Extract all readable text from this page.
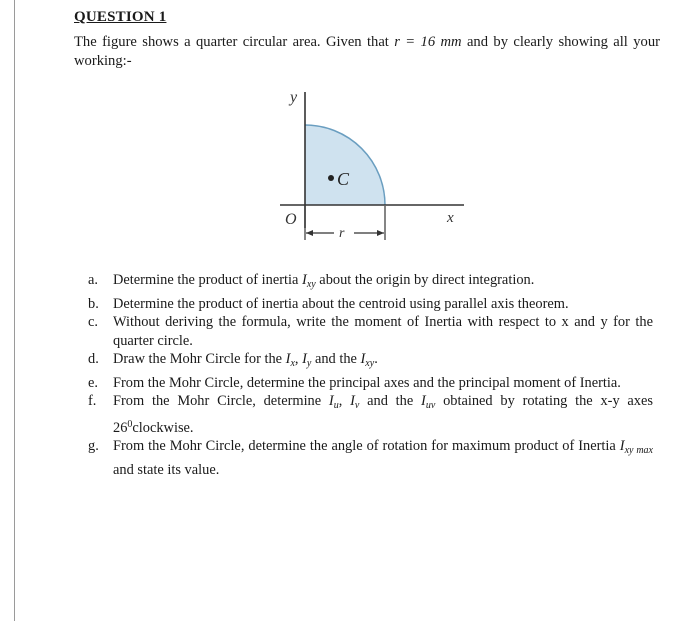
QUESTION 1
The figure shows a quarter circular area. Given that r = 16 mm and by clearly showing all your working:-
y
x
O
C
r
a.	Determine the product of inertia $I_{xy}$ about the origin by direct integration.
b. Determine the product of inertia about the centroid using parallel axis theorem.
c.	Without deriving the formula, write the moment of Inertia with respect to x and y for the quarter circle.
d. Draw the Mohr Circle for the $I_x$, $I_y$ and the $I_{xy}$.
e.	From the Mohr Circle, determine the principal axes and the principal moment of Inertia.
f.	From the Mohr Circle, determine $I_u$, $I_v$ and the $I_{uv}$ obtained by rotating the x-y axes $26^0clockwise$.
g. From the Mohr Circle, determine the angle of rotation for maximum product of Inertia $I_{xy max}$ and state its value.
